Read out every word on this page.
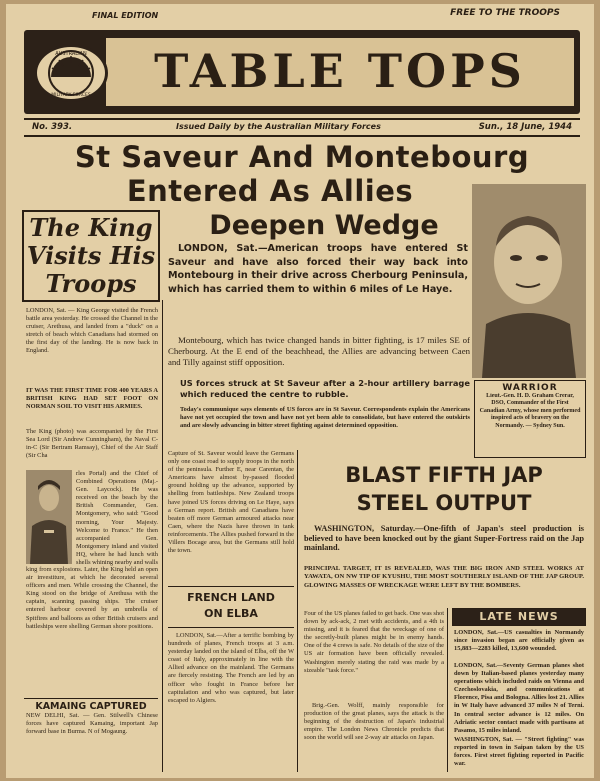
FINAL EDITION	FREE TO THE TROOPS
TABLE TOPS
AUSTRALIAN
MILITARY FORCES
No. 393.	Issued Daily by the Australian Military Forces	Sun., 18 June, 1944
St Saveur And Montebourg
Entered As Allies
Deepen Wedge
The King
Visits His
Troops
LONDON, Sat. — King George visited the French battle area yesterday. He crossed the Channel in the cruiser, Arethusa, and landed from a "duck" on a stretch of beach which Canadians had stormed on the first day of the landing. He is now back in England.
IT WAS THE FIRST TIME FOR 400 YEARS A BRITISH KING HAD SET FOOT ON NORMAN SOIL TO VISIT HIS ARMIES.
The King (photo) was accompanied by the First Sea Lord (Sir Andrew Cunningham), the Naval C-in-C (Sir Bertram Ramsay), Chief of the Air Staff (Sir Cha
rles Portal) and the Chief of Combined Operations (Maj.-Gen. Laycock). He was received on the beach by the British Commander, Gen. Montgomery, who said: "Good morning, Your Majesty. Welcome to France." He then accompanied Gen. Montgomery inland and visited HQ, where he had lunch with shells whining nearby and walls
king from explosions. Later, the King held an open air investiture, at which he decorated several officers and men. While crossing the Channel, the King stood on the bridge of Arethusa with the captain, scanning passing ships. The cruiser entered harbour covered by an umbrella of Spitfires and balloons as other British cruisers and battleships were shelling German shore positions.
KAMAING CAPTURED
NEW DELHI, Sat. — Gen. Stilwell's Chinese forces have captured Kamaing, important Jap forward base in Burma. N of Mogaung.
LONDON, Sat.—American troops have entered St Saveur and have also forced their way back into Montebourg in their drive across Cherbourg Peninsula, which has carried them to within 6 miles of Le Haye.
Montebourg, which has twice changed hands in bitter fighting, is 17 miles SE of Cherbourg. At the E end of the beachhead, the Allies are advancing between Caen and Tilly against stiff opposition.
US forces struck at St Saveur after a 2-hour artillery barrage which reduced the centre to rubble.
Today's communique says elements of US forces are in St Saveur. Correspondents explain the Americans have not yet occupied the town and have not yet been able to consolidate, but have entered the outskirts and are slowly advancing in bitter street fighting against determined opposition.
WARRIOR
Lieut.-Gen. H. D. Graham Crerar, DSO, Commander of the First Canadian Army, whose men performed inspired acts of bravery on the Normandy. — Sydney Sun.
Capture of St. Saveur would leave the Germans only one coast road to supply troops in the north of the peninsula. Further E, near Carentan, the Americans have almost by-passed flooded ground holding up the advance, supported by shelling from battleships. New Zealand troops have joined US forces driving on Le Haye, says a German report. British and Canadians have beaten off more German armoured attacks near Caen, where the Nazis have thrown in tank reinforcements. The Allies pushed forward in the Villers Bocage area, but the Germans still hold the town.
FRENCH LAND
ON ELBA
LONDON, Sat.—After a terrific bombing by hundreds of planes, French troops at 3 a.m. yesterday landed on the island of Elba, off the W coast of Italy, approximately in line with the Allied advance on the mainland. The Germans are fiercely resisting. The French are led by an officer who fought in France before her capitulation and who was captured, but later escaped to Algiers.
BLAST FIFTH JAP
STEEL OUTPUT
WASHINGTON, Saturday.—One-fifth of Japan's steel production is believed to have been knocked out by the giant Super-Fortress raid on the Jap mainland.
PRINCIPAL TARGET, IT IS REVEALED, WAS THE BIG IRON AND STEEL WORKS AT YAWATA, ON NW TIP OF KYUSHU, THE MOST SOUTHERLY ISLAND OF THE JAP GROUP. GLOWING MASSES OF WRECKAGE WERE LEFT BY THE BOMBERS.
Four of the US planes failed to get back. One was shot down by ack-ack, 2 met with accidents, and a 4th is missing, and it is feared that the wreckage of one of the secretly-built planes might be in enemy hands. One of the 4 crews is safe. No details of the size of the US air formation have been officially revealed. Washington merely stating the raid was made by a sizeable "task force."
Brig.-Gen. Wolff, mainly responsible for production of the great planes, says the attack is the beginning of the destruction of Japan's industrial empire. The London News Chronicle predicts that soon the world will see 2-way air attacks on Japan.
LATE NEWS
LONDON, Sat.—US casualties in Normandy since invasion began are officially given as 15,883—2283 killed, 13,600 wounded.
LONDON, Sat.—Seventy German planes shot down by Italian-based planes yesterday many operations which included raids on Vienna and Czechoslovakia, and communications at Florence, Pisa and Bologna. Allies lost 21. Allies in W Italy have advanced 37 miles N of Terni. In central sector advance is 12 miles. On Adriatic sector contact made with partisans at Pasamo, 15 miles inland.
WASHINGTON, Sat. — "Street fighting" was reported in town in Saipan taken by the US forces. First street fighting reported in Pacific war.
